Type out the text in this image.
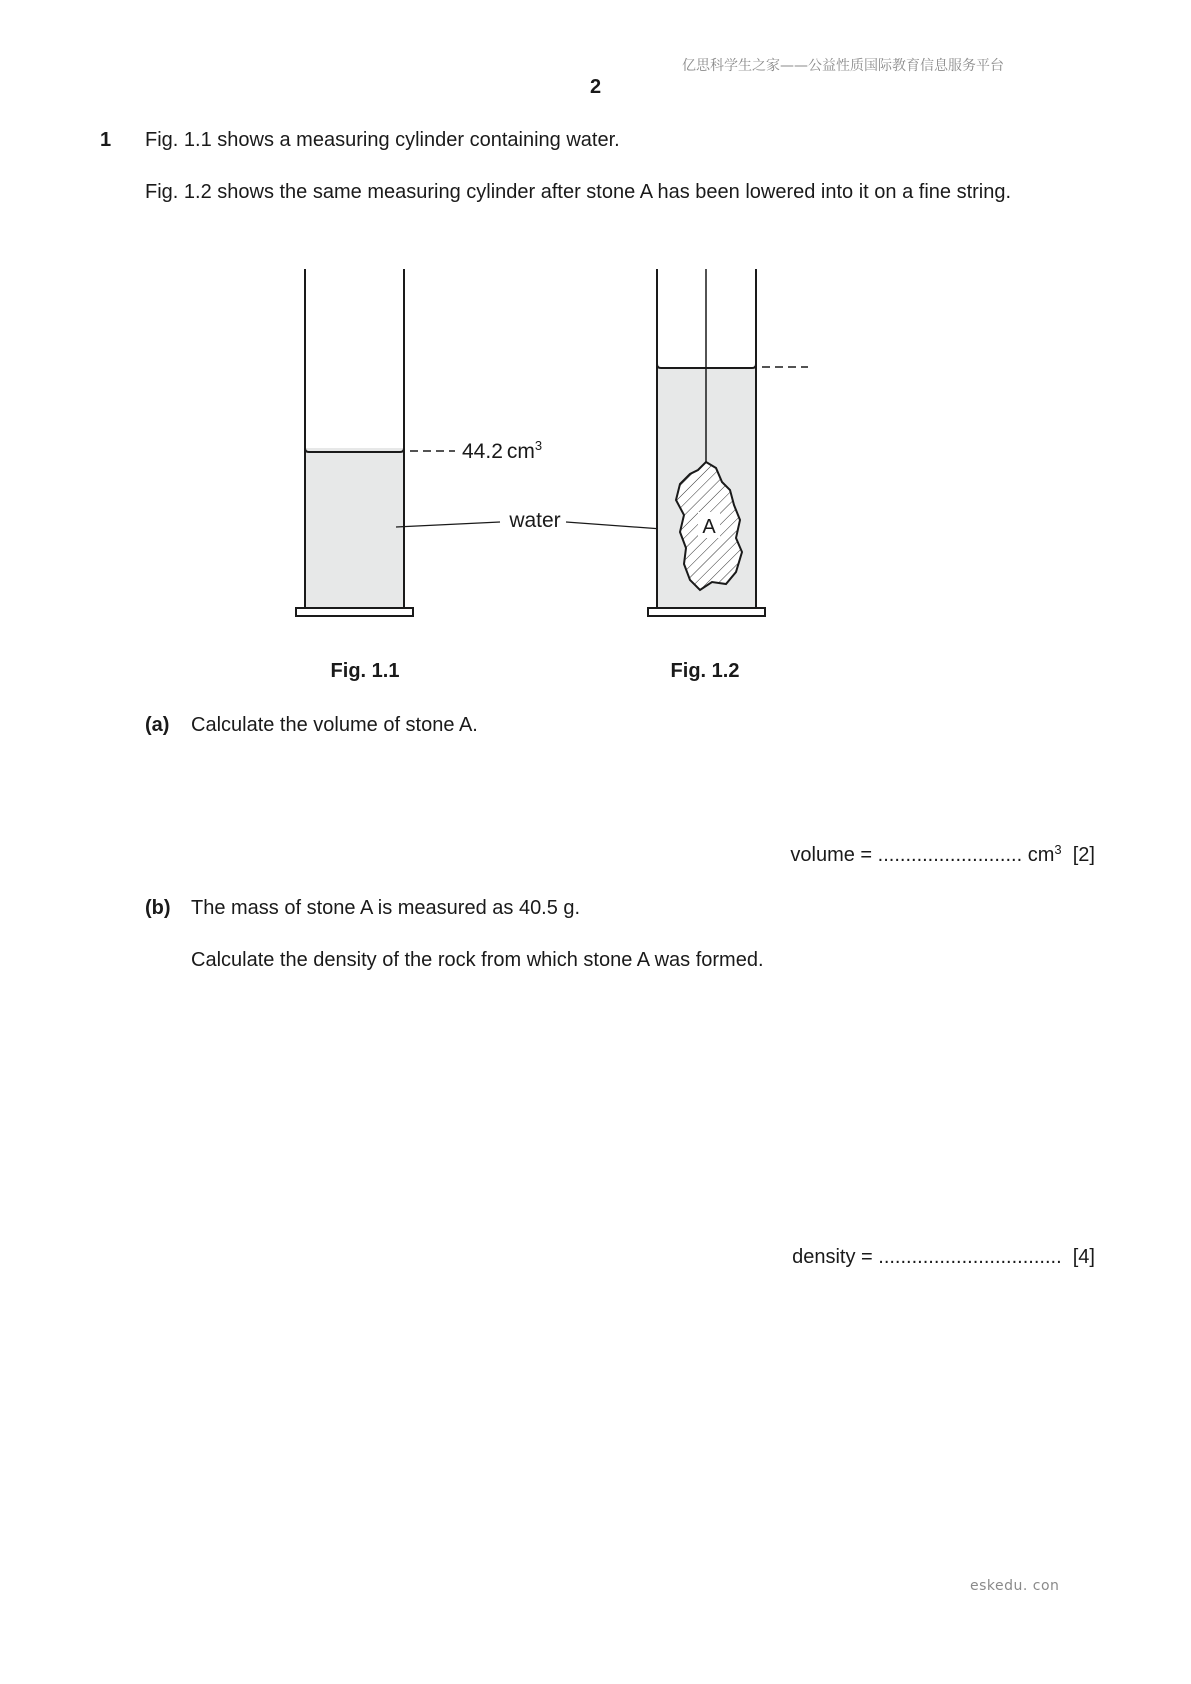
亿思科学生之家——公益性质国际教育信息服务平台
2
1 Fig. 1.1 shows a measuring cylinder containing water.
Fig. 1.2 shows the same measuring cylinder after stone A has been lowered into it on a fine string.
44.2 $cm^3$
water	A
Fig. 1.1	Fig. 1.2
(a) Calculate the volume of stone A.
volume = .......................... $cm^3$ [2]
(b) The mass of stone A is measured as 40.5 g.
Calculate the density of the rock from which stone A was formed.
density = ................................. [4]
eskedu. con
